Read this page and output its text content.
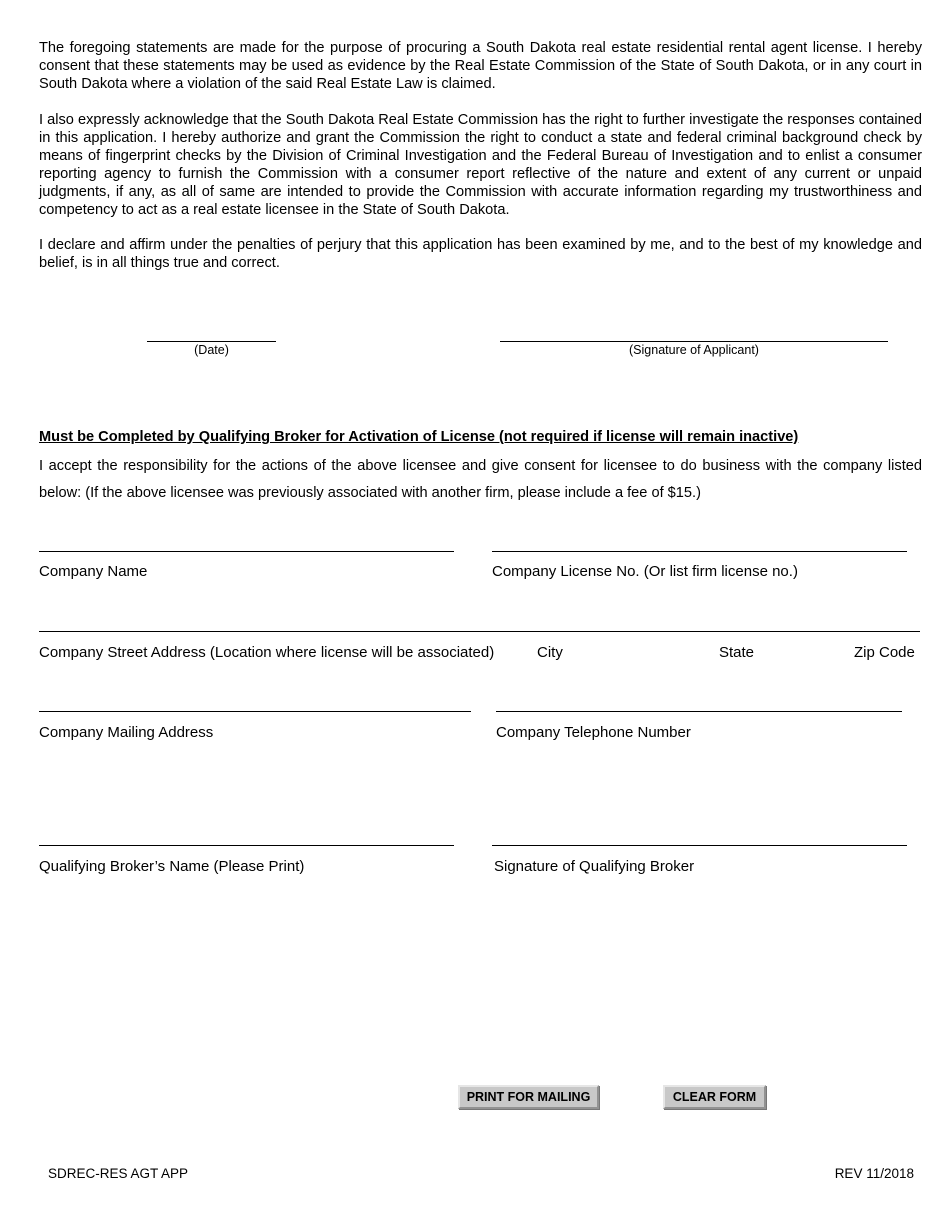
The foregoing statements are made for the purpose of procuring a South Dakota real estate residential rental agent license. I hereby consent that these statements may be used as evidence by the Real Estate Commission of the State of South Dakota, or in any court in South Dakota where a violation of the said Real Estate Law is claimed.

I also expressly acknowledge that the South Dakota Real Estate Commission has the right to further investigate the responses contained in this application. I hereby authorize and grant the Commission the right to conduct a state and federal criminal background check by means of fingerprint checks by the Division of Criminal Investigation and the Federal Bureau of Investigation and to enlist a consumer reporting agency to furnish the Commission with a consumer report reflective of the nature and extent of any current or unpaid judgments, if any, as all of same are intended to provide the Commission with accurate information regarding my trustworthiness and competency to act as a real estate licensee in the State of South Dakota.

I declare and affirm under the penalties of perjury that this application has been examined by me, and to the best of my knowledge and belief, is in all things true and correct.

(Date)	(Signature of Applicant)
Must be Completed by Qualifying Broker for Activation of License (not required if license will remain inactive)

I accept the responsibility for the actions of the above licensee and give consent for licensee to do business with the company listed below: (If the above licensee was previously associated with another firm, please include a fee of $15.)

Company Name	Company License No. (Or list firm license no.)
Company Street Address (Location where license will be associated)	City	State	Zip Code
Company Mailing Address	Company Telephone Number
Qualifying Broker’s Name (Please Print)	Signature of Qualifying Broker
PRINT FOR MAILING	CLEAR FORM
SDREC-RES AGT APP	REV 11/2018
